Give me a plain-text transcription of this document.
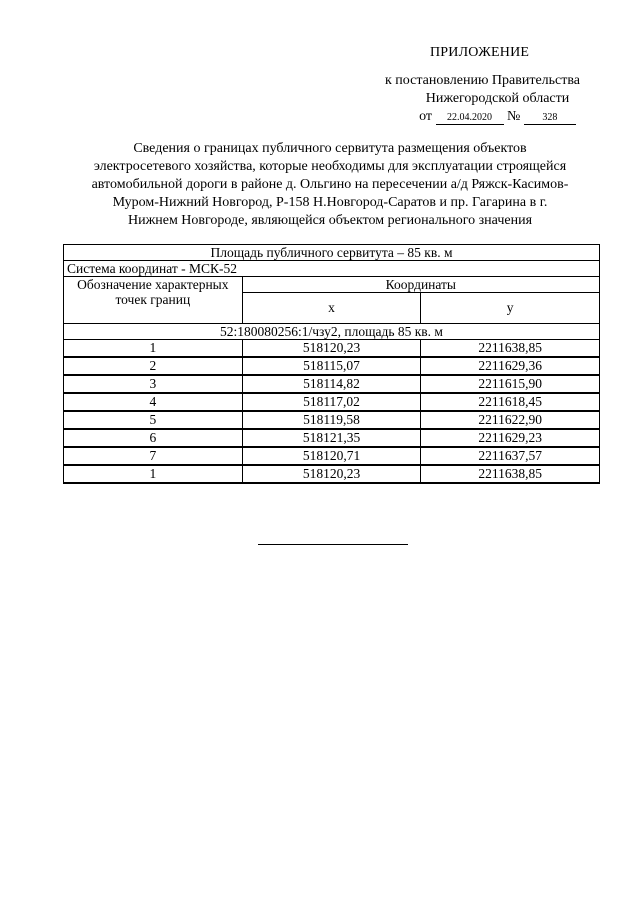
ПРИЛОЖЕНИЕ
к постановлению Правительства
Нижегородской области
от 22.04.2020 № 328
Сведения о границах публичного сервитута размещения объектов
электросетевого хозяйства, которые необходимы для эксплуатации строящейся
автомобильной дороги в районе д. Ольгино на пересечении а/д Ряжск-Касимов-
Муром-Нижний Новгород, Р-158 Н.Новгород-Саратов и пр. Гагарина в г.
Нижнем Новгороде, являющейся объектом регионального значения
Площадь публичного сервитута – 85 кв. м		
Система координат - МСК-52		
Обозначение характерных точек границ	Координаты	
	x	y
52:180080256:1/чзу2, площадь 85 кв. м		
1	518120,23	2211638,85
2	518115,07	2211629,36
3	518114,82	2211615,90
4	518117,02	2211618,45
5	518119,58	2211622,90
6	518121,35	2211629,23
7	518120,71	2211637,57
1	518120,23	2211638,85
